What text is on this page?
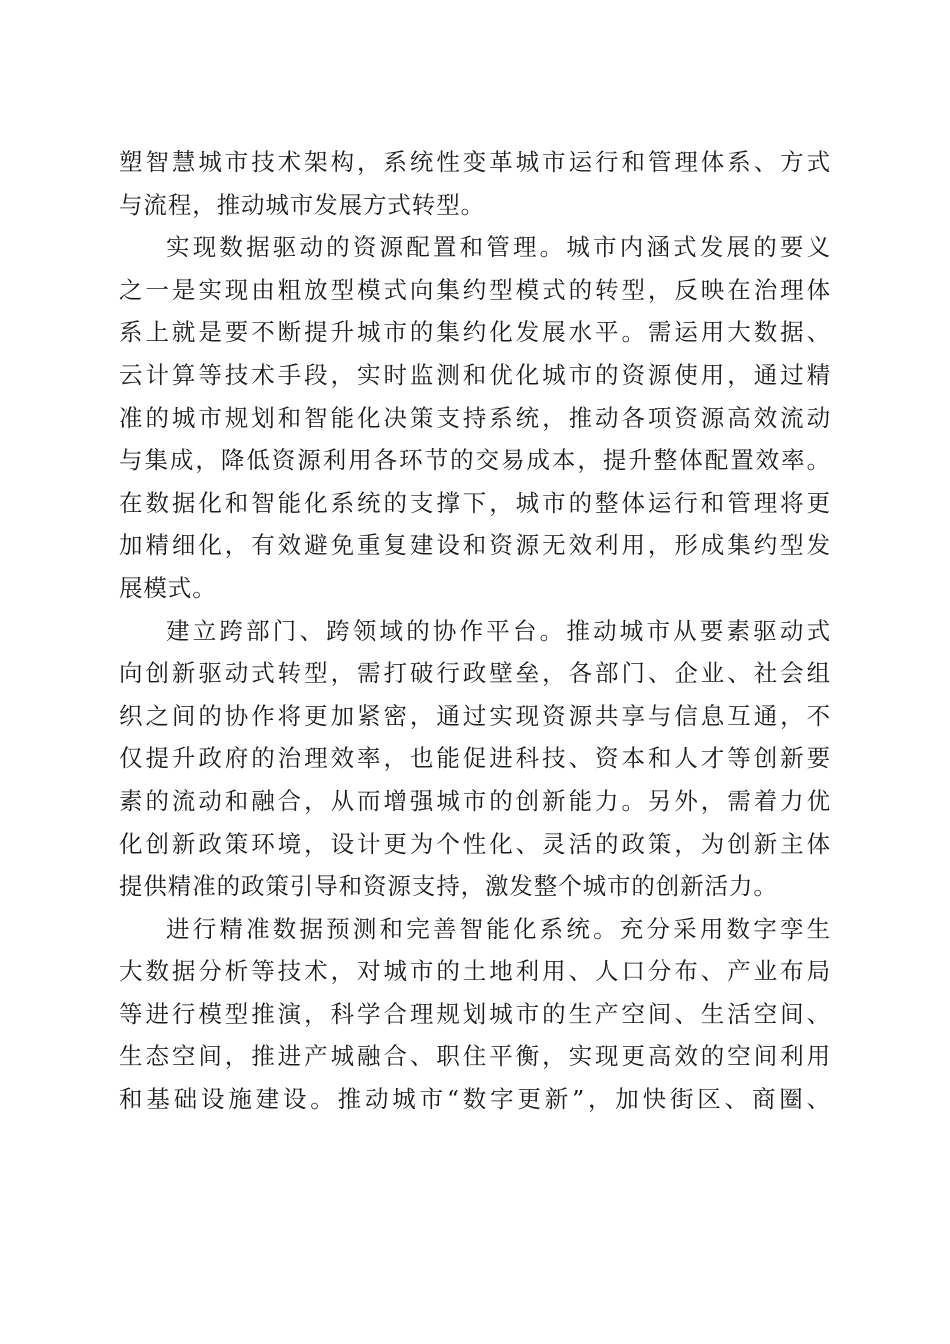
塑智慧城市技术架构，系统性变革城市运行和管理体系、方式
与流程，推动城市发展方式转型。
实现数据驱动的资源配置和管理。城市内涵式发展的要义
之一是实现由粗放型模式向集约型模式的转型，反映在治理体
系上就是要不断提升城市的集约化发展水平。需运用大数据、
云计算等技术手段，实时监测和优化城市的资源使用，通过精
准的城市规划和智能化决策支持系统，推动各项资源高效流动
与集成，降低资源利用各环节的交易成本，提升整体配置效率。
在数据化和智能化系统的支撑下，城市的整体运行和管理将更
加精细化，有效避免重复建设和资源无效利用，形成集约型发
展模式。
建立跨部门、跨领域的协作平台。推动城市从要素驱动式
向创新驱动式转型，需打破行政壁垒，各部门、企业、社会组
织之间的协作将更加紧密，通过实现资源共享与信息互通，不
仅提升政府的治理效率，也能促进科技、资本和人才等创新要
素的流动和融合，从而增强城市的创新能力。另外，需着力优
化创新政策环境，设计更为个性化、灵活的政策，为创新主体
提供精准的政策引导和资源支持，激发整个城市的创新活力。
进行精准数据预测和完善智能化系统。充分采用数字孪生
大数据分析等技术，对城市的土地利用、人口分布、产业布局
等进行模型推演，科学合理规划城市的生产空间、生活空间、
生态空间，推进产城融合、职住平衡，实现更高效的空间利用
和基础设施建设。推动城市“数字更新”，加快街区、商圈、
